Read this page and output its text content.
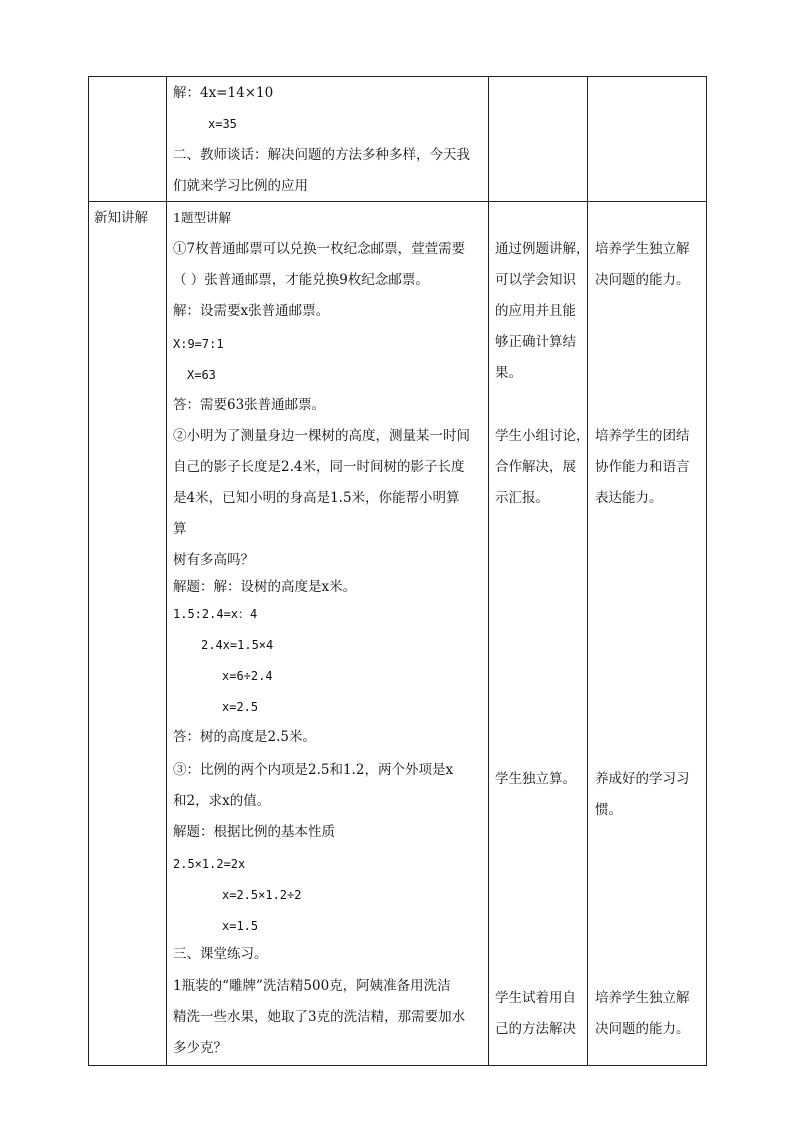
解：4x=14×10
x=35
二、教师谈话：解决问题的方法多种多样，今天我
们就来学习比例的应用
新知讲解 1题型讲解
①7枚普通邮票可以兑换一枚纪念邮票，萱萱需要
（ ）张普通邮票，才能兑换9枚纪念邮票。
解：设需要x张普通邮票。
X:9=7:1
X=63
答：需要63张普通邮票。
②小明为了测量身边一棵树的高度，测量某一时间
自己的影子长度是2.4米，同一时间树的影子长度
是4米，已知小明的身高是1.5米，你能帮小明算
算
树有多高吗？
解题：解：设树的高度是x米。
1.5:2.4=x：4
2.4x=1.5×4
x=6÷2.4
x=2.5
答：树的高度是2.5米。
③：比例的两个内项是2.5和1.2，两个外项是x
和2，求x的值。
解题：根据比例的基本性质
2.5×1.2=2x
x=2.5×1.2÷2
x=1.5
三、课堂练习。
1瓶装的“雕牌”洗洁精500克，阿姨准备用洗洁
精洗一些水果，她取了3克的洗洁精，那需要加水
多少克？
通过例题讲解，
可以学会知识
的应用并且能
够正确计算结
果。
学生小组讨论，
合作解决，展
示汇报。
学生独立算。
学生试着用自
己的方法解决
培养学生独立解
决问题的能力。
培养学生的团结
协作能力和语言
表达能力。
养成好的学习习
惯。
培养学生独立解
决问题的能力。
